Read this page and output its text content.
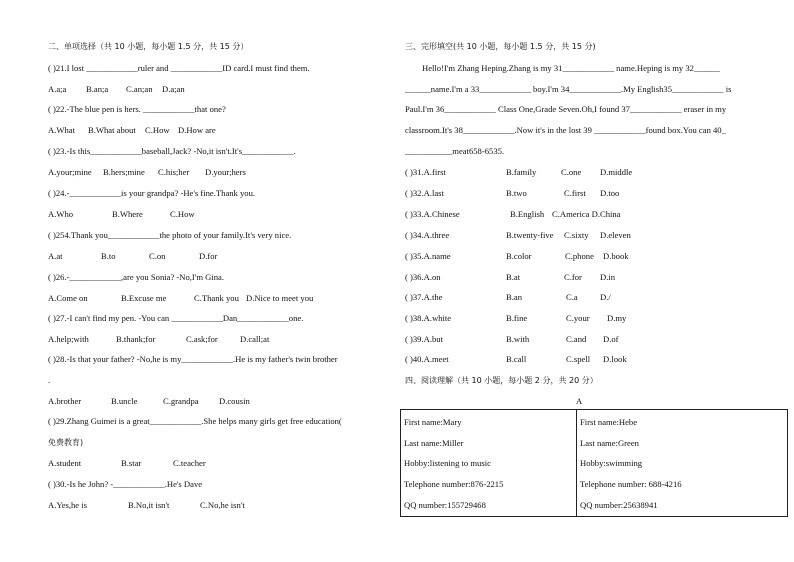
二、单项选择（共 10 小题，每小题 1.5 分，共 15 分）
( )21.I lost ____________ruler and ____________ID card.I must find them.
A.a;a B.an;a C.an;an D.a;an
( )22.-The blue pen is hers. ____________that one?
A.What B.What about C.How D.How are
( )23.-Is this____________baseball,Jack? -No,it isn't.It's____________.
A.your;mine B.hers;mine C.his;her D.your;hers
( )24.-____________is your grandpa? -He's fine.Thank you.
A.Who	B.Where	C.How
( )254.Thank you____________the photo of your family.It's very nice.
A.at	B.to	C.on	D.for
( )26.-____________,are you Sonia? -No,I'm Gina.
A.Come on	B.Excuse me	C.Thank you D.Nice to meet you
( )27.-I can't find my pen. -You can ____________Dan____________one.
A.help;with	B.thank;for	C.ask;for	D.call;at
( )28.-Is that your father? -No,he is my____________.He is my father's twin brother
.
A.brother	B.uncle	C.grandpa D.cousin
( )29.Zhang Guimei is a great____________.She helps many girls get free education(
免费教育)
A.student	B.star	C.teacher
( )30.-Is he John? -____________.He's Dave
A.Yes,he is	B.No,it isn't	C.No,he isn't
三、完形填空(共 10 小题，每小题 1.5 分，共 15 分)
Hello!I'm Zhang Heping.Zhang is my 31____________ name.Heping is my 32______
______name.I'm a 33____________ boy.I'm 34____________.My English35____________ is
Paul.I'm 36____________ Class One,Grade Seven.Oh,I found 37____________ eraser in my
classroom.It's 38____________.Now it's in the lost 39 ____________found box.You can 40_
___________meat658-6535.
( )31.A.first	B.family	C.one D.middle
( )32.A.last	B.two	C.first D.too
( )33.A.Chinese	B.English C.America D.China
( )34.A.three	B.twenty-five C.sixty D.eleven
( )35.A.name	B.color	C.phone D.book
( )36.A.on	B.at	C.for D.in
( )37.A.the	B.an	C.a	D./
( )38.A.white	B.fine	C.your D.my
( )39.A.but	B.with	C.and D.of
( )40.A.meet	B.call	C.spell D.look
四、阅读理解（共 10 小题，每小题 2 分，共 20 分）
A
First name:Mary
Last name:Miller
Hobby:listening to music
Telephone number:876-2215
QQ number:155729468
First name:Hebe
Last name:Green
Hobby:swimming
Telephone number: 688-4216
QQ number:25638941
